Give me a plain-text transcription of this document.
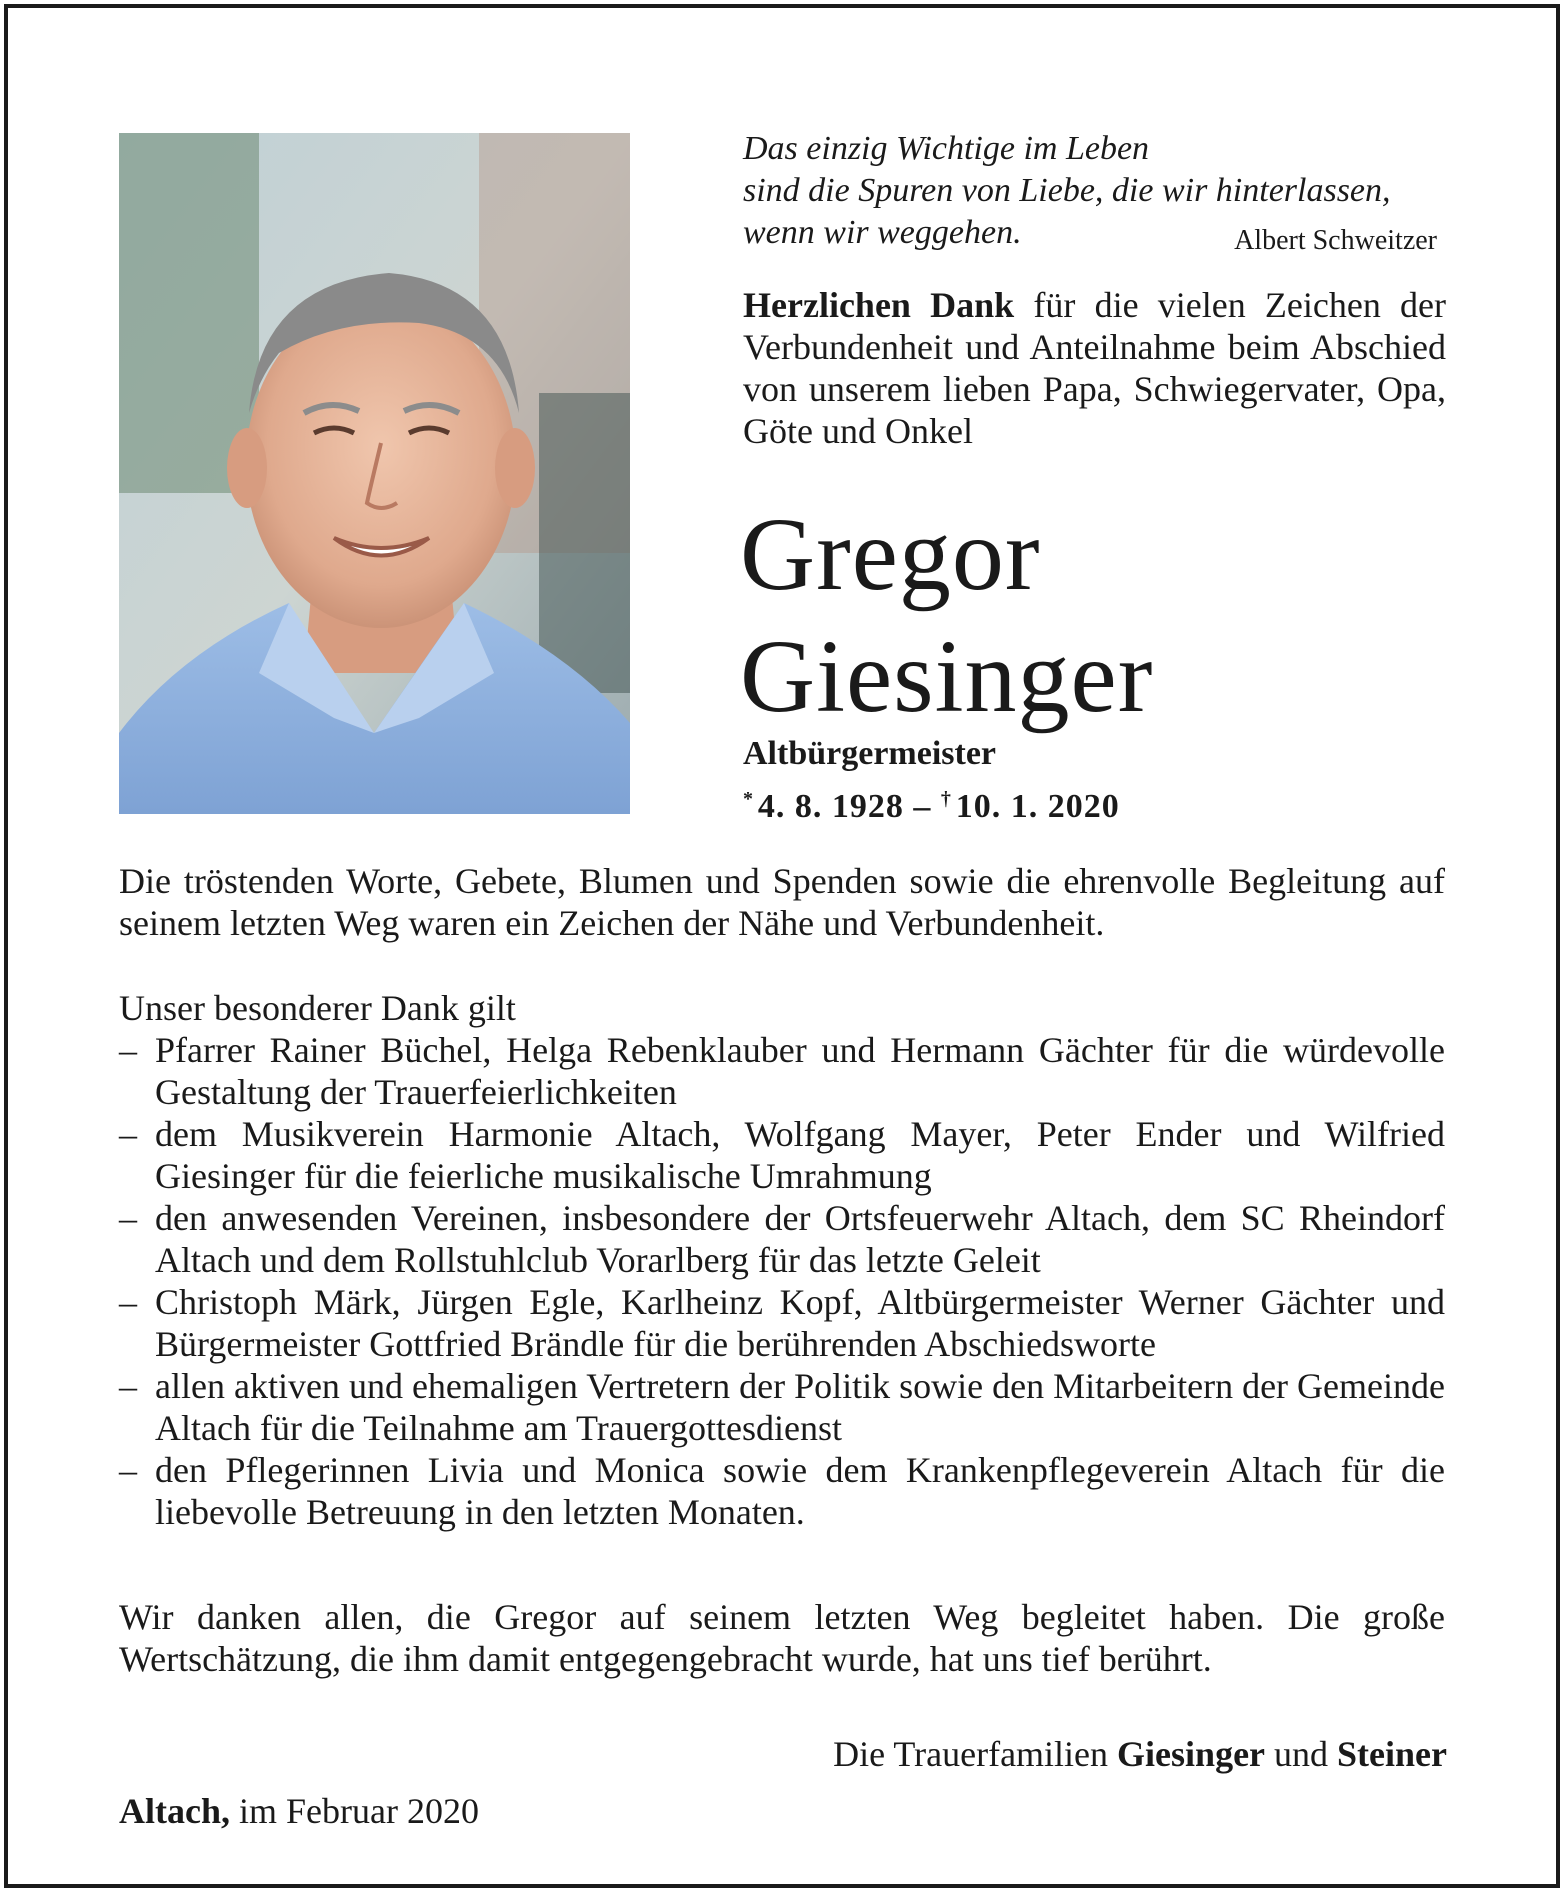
Das einzig Wichtige im Leben
sind die Spuren von Liebe, die wir hinterlassen,
wenn wir weggehen.	Albert Schweitzer
Herzlichen Dank für die vielen Zeichen der Verbundenheit und Anteilnahme beim Abschied von unserem lieben Papa, Schwiegervater, Opa, Göte und Onkel
Gregor
Giesinger
Altbürgermeister
*  4. 8. 1928 – †  10. 1. 2020
Die tröstenden Worte, Gebete, Blumen und Spenden sowie die ehrenvolle Begleitung auf seinem letzten Weg waren ein Zeichen der Nähe und Verbundenheit.
Unser besonderer Dank gilt
– Pfarrer Rainer Büchel, Helga Rebenklauber und Hermann Gächter für die würdevolle Gestaltung der Trauerfeierlichkeiten
– dem Musikverein Harmonie Altach, Wolfgang Mayer, Peter Ender und Wilfried Giesinger für die feierliche musikalische Umrahmung
– den anwesenden Vereinen, insbesondere der Ortsfeuerwehr Altach, dem SC Rheindorf Altach und dem Rollstuhlclub Vorarlberg für das letzte Geleit
– Christoph Märk, Jürgen Egle, Karlheinz Kopf, Altbürgermeister Werner Gächter und Bürgermeister Gottfried Brändle für die berührenden Abschiedsworte
– allen aktiven und ehemaligen Vertretern der Politik sowie den Mitarbeitern der Gemeinde Altach für die Teilnahme am Trauergottesdienst
– den Pflegerinnen Livia und Monica sowie dem Krankenpflegeverein Altach für die liebevolle Betreuung in den letzten Monaten.
Wir danken allen, die Gregor auf seinem letzten Weg begleitet haben. Die große Wertschätzung, die ihm damit entgegengebracht wurde, hat uns tief berührt.
Die Trauerfamilien Giesinger und Steiner
Altach, im Februar 2020
